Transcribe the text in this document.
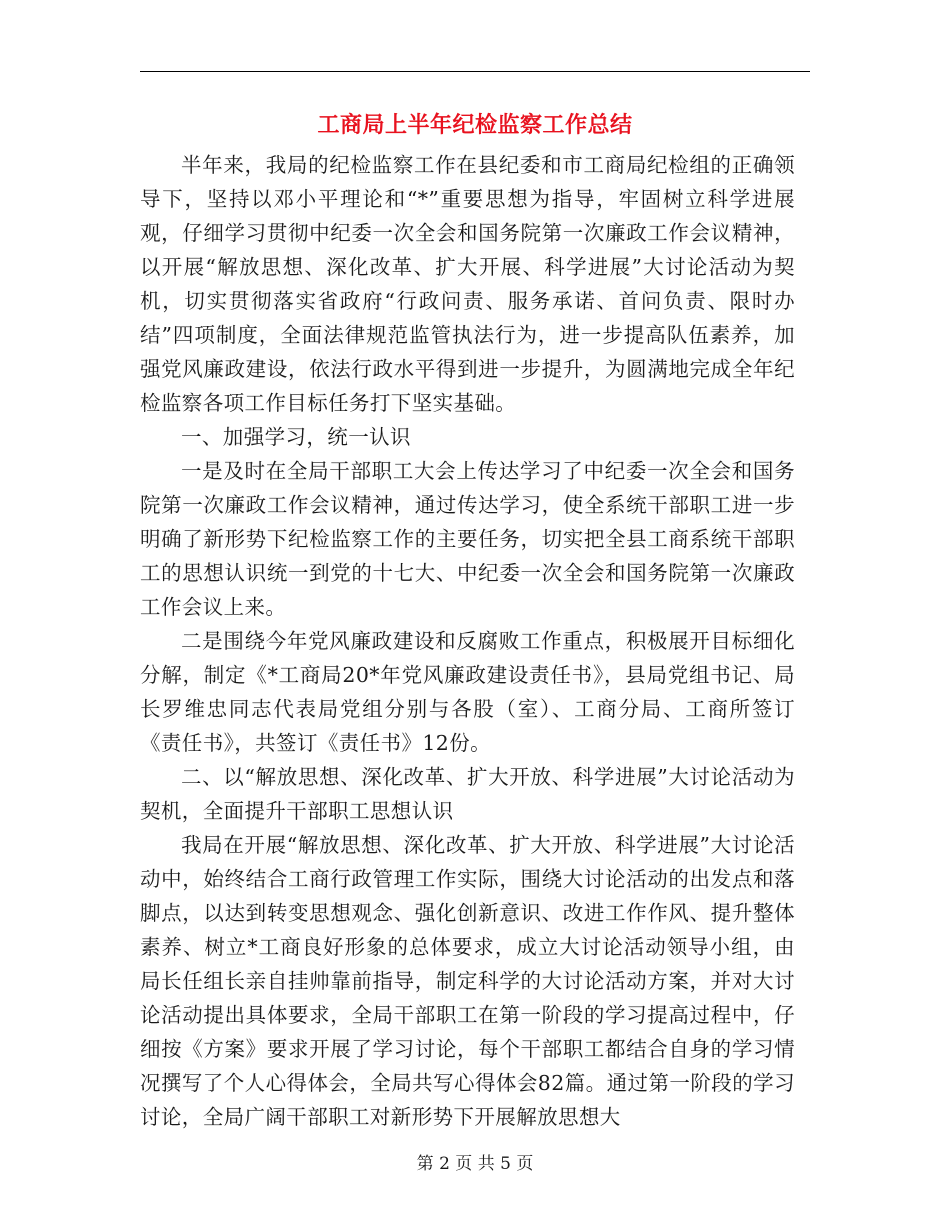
工商局上半年纪检监察工作总结

半年来，我局的纪检监察工作在县纪委和市工商局纪检组的正确领导下，坚持以邓小平理论和“*”重要思想为指导，牢固树立科学进展观，仔细学习贯彻中纪委一次全会和国务院第一次廉政工作会议精神，以开展“解放思想、深化改革、扩大开展、科学进展”大讨论活动为契机，切实贯彻落实省政府“行政问责、服务承诺、首问负责、限时办结”四项制度，全面法律规范监管执法行为，进一步提高队伍素养，加强党风廉政建设，依法行政水平得到进一步提升，为圆满地完成全年纪检监察各项工作目标任务打下坚实基础。

一、加强学习，统一认识

一是及时在全局干部职工大会上传达学习了中纪委一次全会和国务院第一次廉政工作会议精神，通过传达学习，使全系统干部职工进一步明确了新形势下纪检监察工作的主要任务，切实把全县工商系统干部职工的思想认识统一到党的十七大、中纪委一次全会和国务院第一次廉政工作会议上来。

二是围绕今年党风廉政建设和反腐败工作重点，积极展开目标细化分解，制定《*工商局20*年党风廉政建设责任书》，县局党组书记、局长罗维忠同志代表局党组分别与各股（室）、工商分局、工商所签订《责任书》，共签订《责任书》12份。

二、以“解放思想、深化改革、扩大开放、科学进展”大讨论活动为契机，全面提升干部职工思想认识

我局在开展“解放思想、深化改革、扩大开放、科学进展”大讨论活动中，始终结合工商行政管理工作实际，围绕大讨论活动的出发点和落脚点，以达到转变思想观念、强化创新意识、改进工作作风、提升整体素养、树立*工商良好形象的总体要求，成立大讨论活动领导小组，由局长任组长亲自挂帅靠前指导，制定科学的大讨论活动方案，并对大讨论活动提出具体要求，全局干部职工在第一阶段的学习提高过程中，仔细按《方案》要求开展了学习讨论，每个干部职工都结合自身的学习情况撰写了个人心得体会，全局共写心得体会82篇。通过第一阶段的学习讨论，全局广阔干部职工对新形势下开展解放思想大

第 2 页 共 5 页
